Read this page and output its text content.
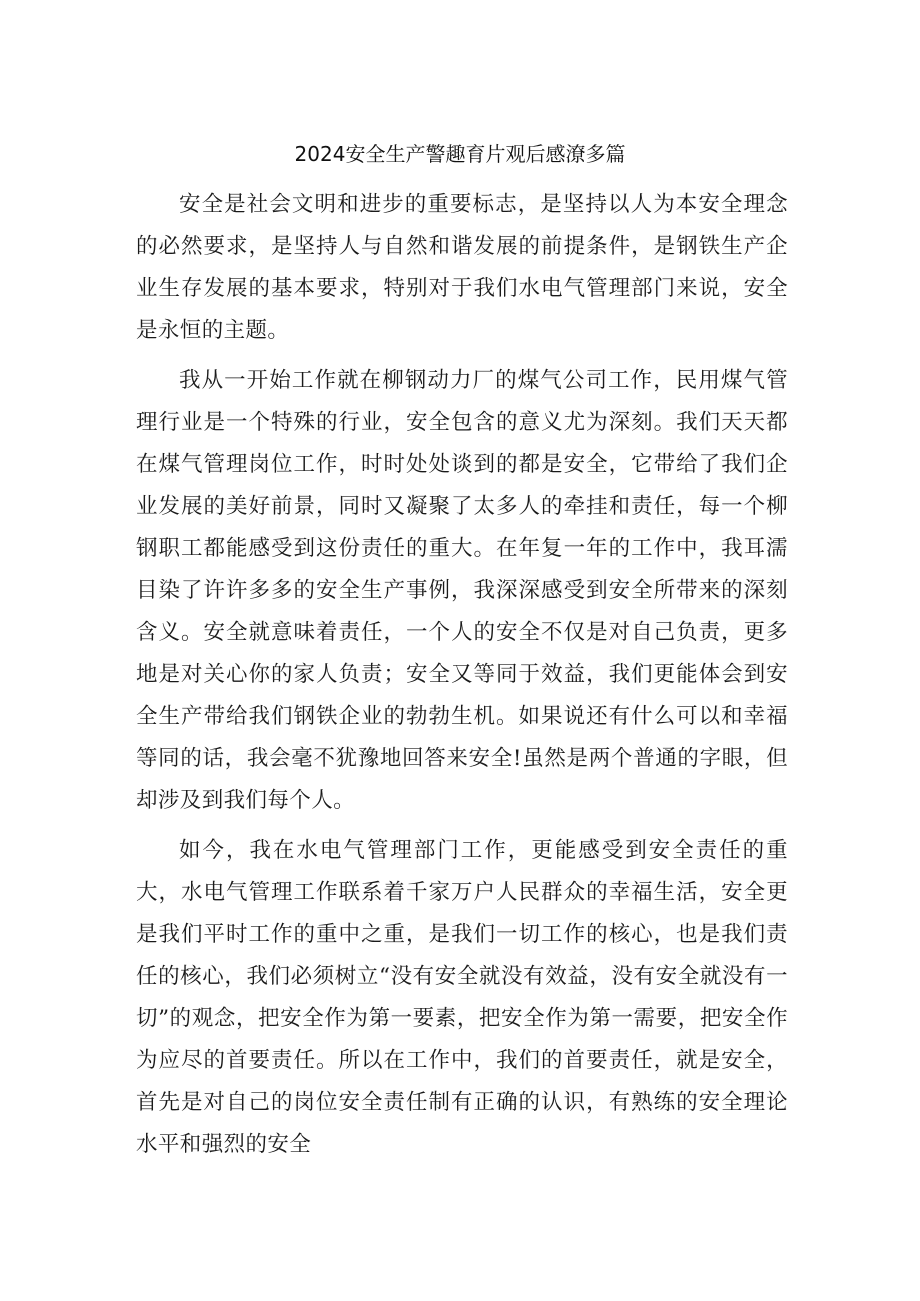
2024安全生产警趣育片观后感潦多篇

安全是社会文明和进步的重要标志，是坚持以人为本安全理念的必然要求，是坚持人与自然和谐发展的前提条件，是钢铁生产企业生存发展的基本要求，特别对于我们水电气管理部门来说，安全是永恒的主题。

我从一开始工作就在柳钢动力厂的煤气公司工作，民用煤气管理行业是一个特殊的行业，安全包含的意义尤为深刻。我们天天都在煤气管理岗位工作，时时处处谈到的都是安全，它带给了我们企业发展的美好前景，同时又凝聚了太多人的牵挂和责任，每一个柳钢职工都能感受到这份责任的重大。在年复一年的工作中，我耳濡目染了许许多多的安全生产事例，我深深感受到安全所带来的深刻含义。安全就意味着责任，一个人的安全不仅是对自己负责，更多地是对关心你的家人负责；安全又等同于效益，我们更能体会到安全生产带给我们钢铁企业的勃勃生机。如果说还有什么可以和幸福等同的话，我会毫不犹豫地回答来安全!虽然是两个普通的字眼，但却涉及到我们每个人。

如今，我在水电气管理部门工作，更能感受到安全责任的重大，水电气管理工作联系着千家万户人民群众的幸福生活，安全更是我们平时工作的重中之重，是我们一切工作的核心，也是我们责任的核心，我们必须树立“没有安全就没有效益，没有安全就没有一切”的观念，把安全作为第一要素，把安全作为第一需要，把安全作为应尽的首要责任。所以在工作中，我们的首要责任，就是安全，首先是对自己的岗位安全责任制有正确的认识，有熟练的安全理论水平和强烈的安全
